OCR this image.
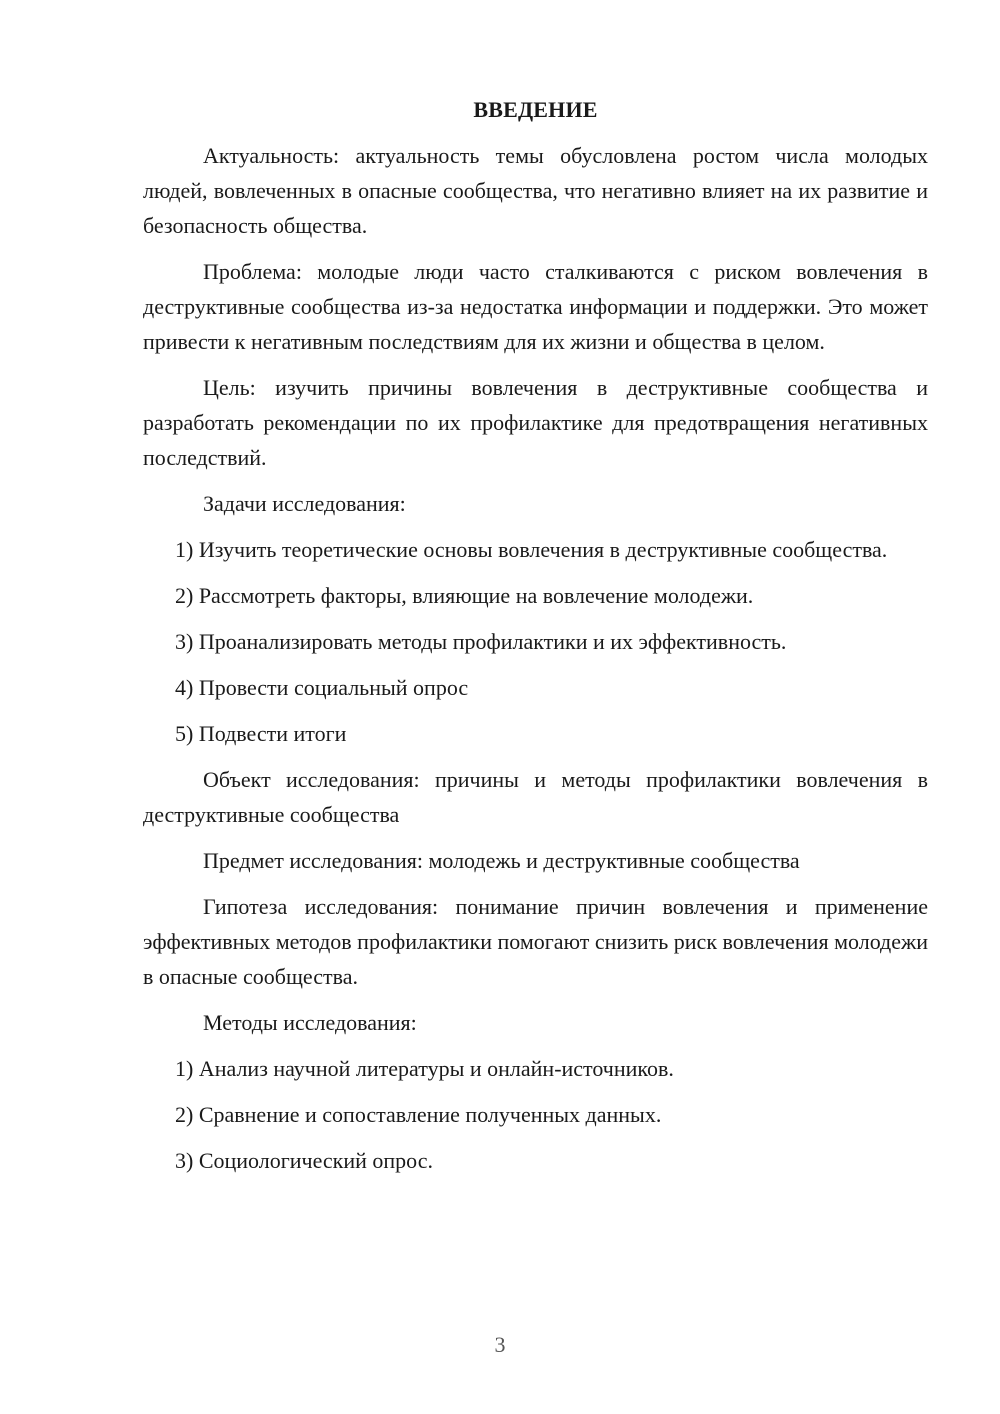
ВВЕДЕНИЕ

Актуальность: актуальность темы обусловлена ростом числа молодых людей, вовлеченных в опасные сообщества, что негативно влияет на их развитие и безопасность общества.

Проблема: молодые люди часто сталкиваются с риском вовлечения в деструктивные сообщества из-за недостатка информации и поддержки. Это может привести к негативным последствиям для их жизни и общества в целом.

Цель: изучить причины вовлечения в деструктивные сообщества и разработать рекомендации по их профилактике для предотвращения негативных последствий.

Задачи исследования:

1) Изучить теоретические основы вовлечения в деструктивные сообщества.

2) Рассмотреть факторы, влияющие на вовлечение молодежи.

3) Проанализировать методы профилактики и их эффективность.

4) Провести социальный опрос

5) Подвести итоги

Объект исследования: причины и методы профилактики вовлечения в деструктивные сообщества

Предмет исследования: молодежь и деструктивные сообщества

Гипотеза исследования: понимание причин вовлечения и применение эффективных методов профилактики помогают снизить риск вовлечения молодежи в опасные сообщества.

Методы исследования:

1) Анализ научной литературы и онлайн-источников.

2) Сравнение и сопоставление полученных данных.

3) Социологический опрос.

3
